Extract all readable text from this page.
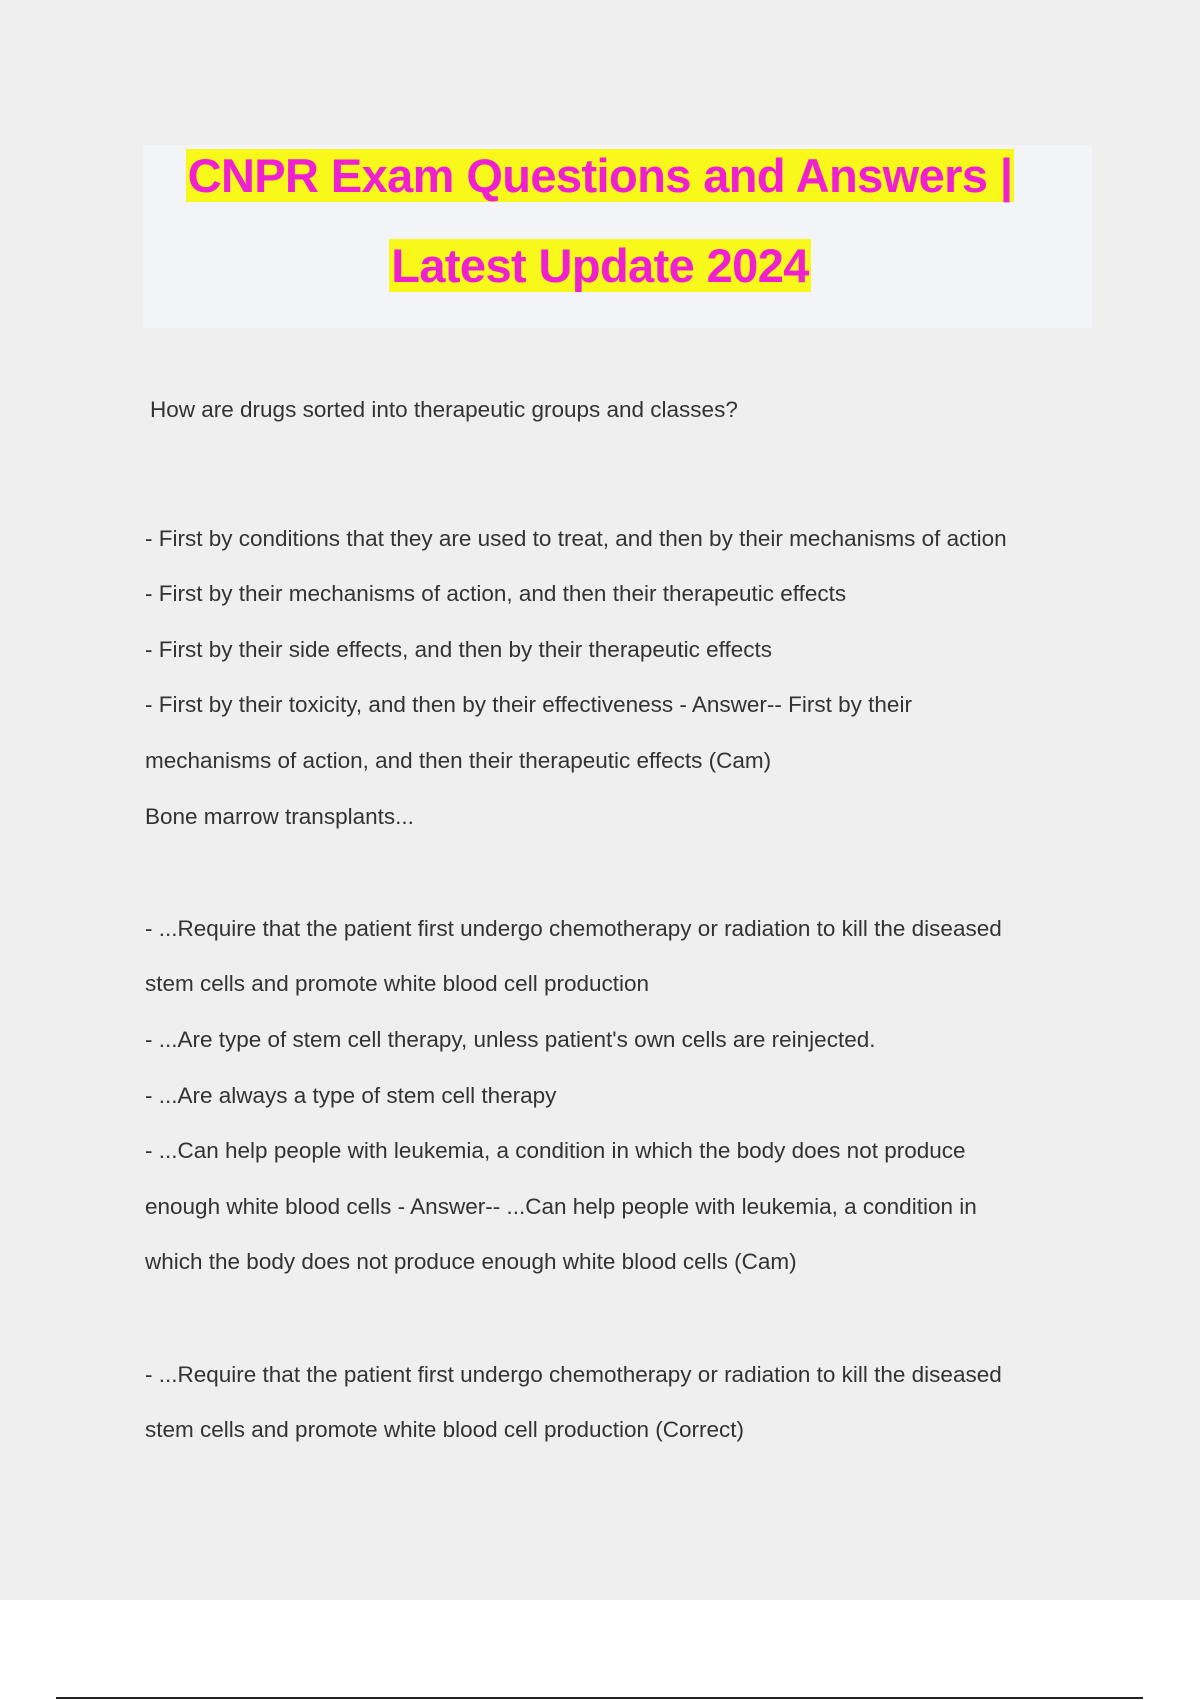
CNPR Exam Questions and Answers |
Latest Update 2024
How are drugs sorted into therapeutic groups and classes?
- First by conditions that they are used to treat, and then by their mechanisms of action
- First by their mechanisms of action, and then their therapeutic effects
- First by their side effects, and then by their therapeutic effects
- First by their toxicity, and then by their effectiveness - Answer-- First by their
mechanisms of action, and then their therapeutic effects (Cam)
Bone marrow transplants...
- ...Require that the patient first undergo chemotherapy or radiation to kill the diseased
stem cells and promote white blood cell production
- ...Are type of stem cell therapy, unless patient's own cells are reinjected.
- ...Are always a type of stem cell therapy
- ...Can help people with leukemia, a condition in which the body does not produce
enough white blood cells - Answer-- ...Can help people with leukemia, a condition in
which the body does not produce enough white blood cells (Cam)
- ...Require that the patient first undergo chemotherapy or radiation to kill the diseased
stem cells and promote white blood cell production (Correct)
